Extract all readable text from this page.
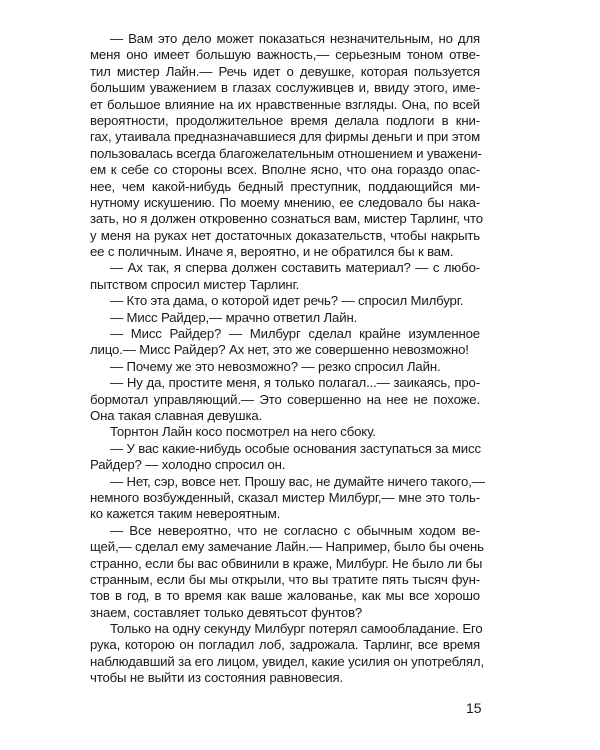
— Вам это дело может показаться незначительным, но для
меня оно имеет большую важность,— серьезным тоном отве-
тил мистер Лайн.— Речь идет о девушке, которая пользуется
большим уважением в глазах сослуживцев и, ввиду этого, име-
ет большое влияние на их нравственные взгляды. Она, по всей
вероятности, продолжительное время делала подлоги в кни-
гах, утаивала предназначавшиеся для фирмы деньги и при этом
пользовалась всегда благожелательным отношением и уважени-
ем к себе со стороны всех. Вполне ясно, что она гораздо опас-
нее, чем какой-нибудь бедный преступник, поддающийся ми-
нутному искушению. По моему мнению, ее следовало бы нака-
зать, но я должен откровенно сознаться вам, мистер Тарлинг, что
у меня на руках нет достаточных доказательств, чтобы накрыть
ее с поличным. Иначе я, вероятно, и не обратился бы к вам.
— Ах так, я сперва должен составить материал? — с любо-
пытством спросил мистер Тарлинг.
— Кто эта дама, о которой идет речь? — спросил Милбург.
— Мисс Райдер,— мрачно ответил Лайн.
— Мисс Райдер? — Милбург сделал крайне изумленное
лицо.— Мисс Райдер? Ах нет, это же совершенно невозможно!
— Почему же это невозможно? — резко спросил Лайн.
— Ну да, простите меня, я только полагал...— заикаясь, про-
бормотал управляющий.— Это совершенно на нее не похоже.
Она такая славная девушка.
Торнтон Лайн косо посмотрел на него сбоку.
— У вас какие-нибудь особые основания заступаться за мисс
Райдер? — холодно спросил он.
— Нет, сэр, вовсе нет. Прошу вас, не думайте ничего такого,—
немного возбужденный, сказал мистер Милбург,— мне это толь-
ко кажется таким невероятным.
— Все невероятно, что не согласно с обычным ходом ве-
щей,— сделал ему замечание Лайн.— Например, было бы очень
странно, если бы вас обвинили в краже, Милбург. Не было ли бы
странным, если бы мы открыли, что вы тратите пять тысяч фун-
тов в год, в то время как ваше жалованье, как мы все хорошо
знаем, составляет только девятьсот фунтов?
Только на одну секунду Милбург потерял самообладание. Его
рука, которою он погладил лоб, задрожала. Тарлинг, все время
наблюдавший за его лицом, увидел, какие усилия он употреблял,
чтобы не выйти из состояния равновесия.
15
